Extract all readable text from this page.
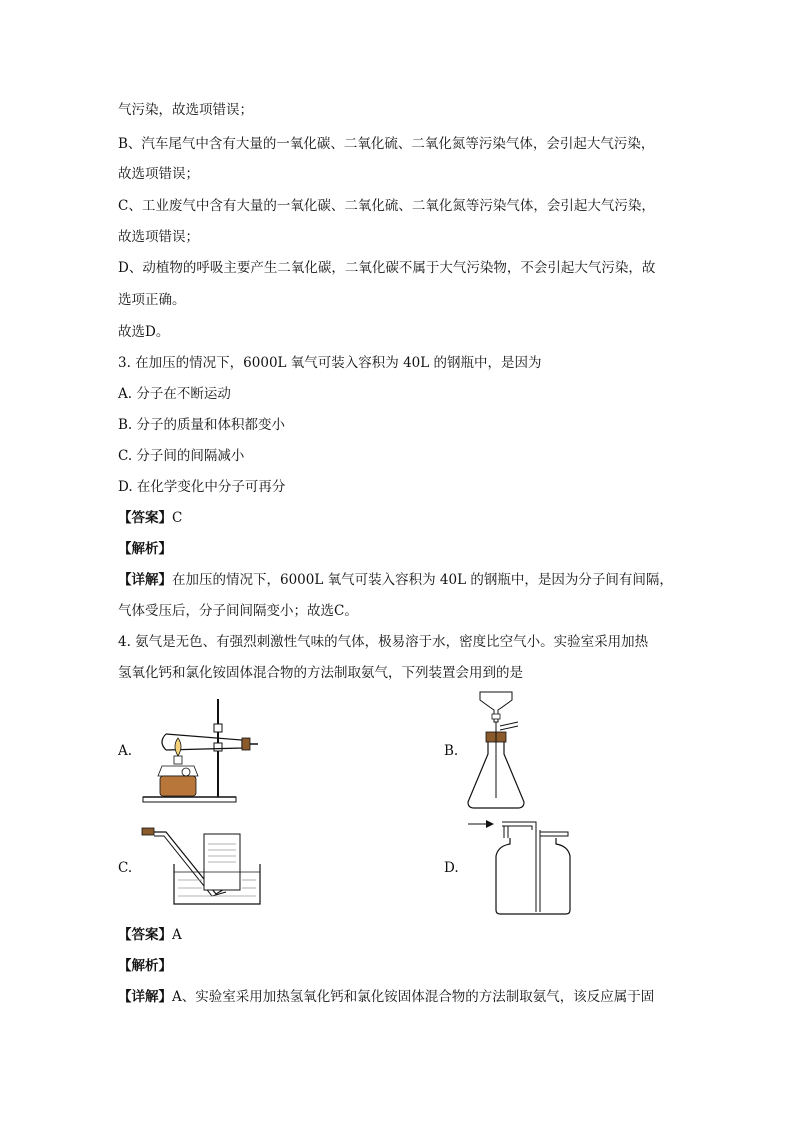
气污染，故选项错误；
B、汽车尾气中含有大量的一氧化碳、二氧化硫、二氧化氮等污染气体，会引起大气污染，
故选项错误；
C、工业废气中含有大量的一氧化碳、二氧化硫、二氧化氮等污染气体，会引起大气污染，
故选项错误；
D、动植物的呼吸主要产生二氧化碳，二氧化碳不属于大气污染物，不会引起大气污染，故
选项正确。
故选D。
3. 在加压的情况下，6000L 氧气可装入容积为 40L 的钢瓶中，是因为
A. 分子在不断运动
B. 分子的质量和体积都变小
C. 分子间的间隔减小
D. 在化学变化中分子可再分
【答案】C
【解析】
【详解】在加压的情况下，6000L 氧气可装入容积为 40L 的钢瓶中，是因为分子间有间隔，
气体受压后，分子间间隔变小；故选C。
4. 氨气是无色、有强烈刺激性气味的气体，极易溶于水，密度比空气小。实验室采用加热
氢氧化钙和氯化铵固体混合物的方法制取氨气，下列装置会用到的是
A.	B.
C.	D.
【答案】A
【解析】
【详解】A、实验室采用加热氢氧化钙和氯化铵固体混合物的方法制取氨气，该反应属于固
